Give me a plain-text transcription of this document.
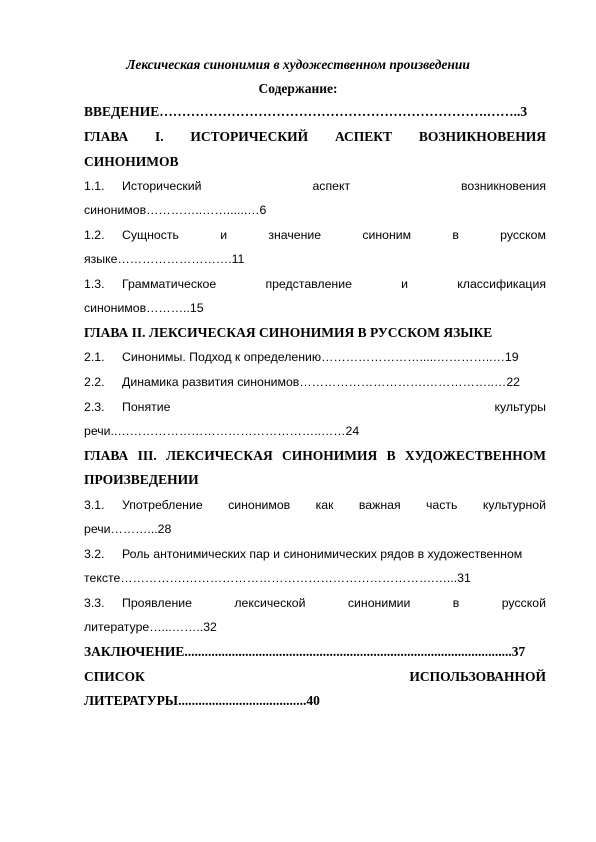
Лексическая синонимия в художественном произведении
Содержание:
ВВЕДЕНИЕ……………………………………………………………….……..3
ГЛАВА I. ИСТОРИЧЕСКИЙ АСПЕКТ ВОЗНИКНОВЕНИЯ
СИНОНИМОВ
1.1.	Исторический	аспект	возникновения
синонимов…………..……......…6
1.2.	Сущность	и	значение	синоним	в	русском
языке……………………….11
1.3.	Грамматическое	представление	и	классификация
синонимов………..15
ГЛАВА II. ЛЕКСИЧЕСКАЯ СИНОНИМИЯ В РУССКОМ ЯЗЫКЕ
2.1.	Синонимы. Подход к определению…………………….....…………..…19
2.2.	Динамика развития синонимов………………………….……………..…22
2.3.	Понятие	культуры
речи..…………………………………………..……24
ГЛАВА III. ЛЕКСИЧЕСКАЯ СИНОНИМИЯ В ХУДОЖЕСТВЕННОМ
ПРОИЗВЕДЕНИИ
3.1.	Употребление синонимов как важная часть культурной
речи………...28
3.2.	Роль антонимических пар и синонимических рядов в художественном
тексте…………….…………………………………………………….…...31
3.3.	Проявление	лексической	синонимии	в	русской
литературе…...……..32
ЗАКЛЮЧЕНИЕ.................................................................................................37
СПИСОК	ИСПОЛЬЗОВАННОЙ
ЛИТЕРАТУРЫ......................................40
